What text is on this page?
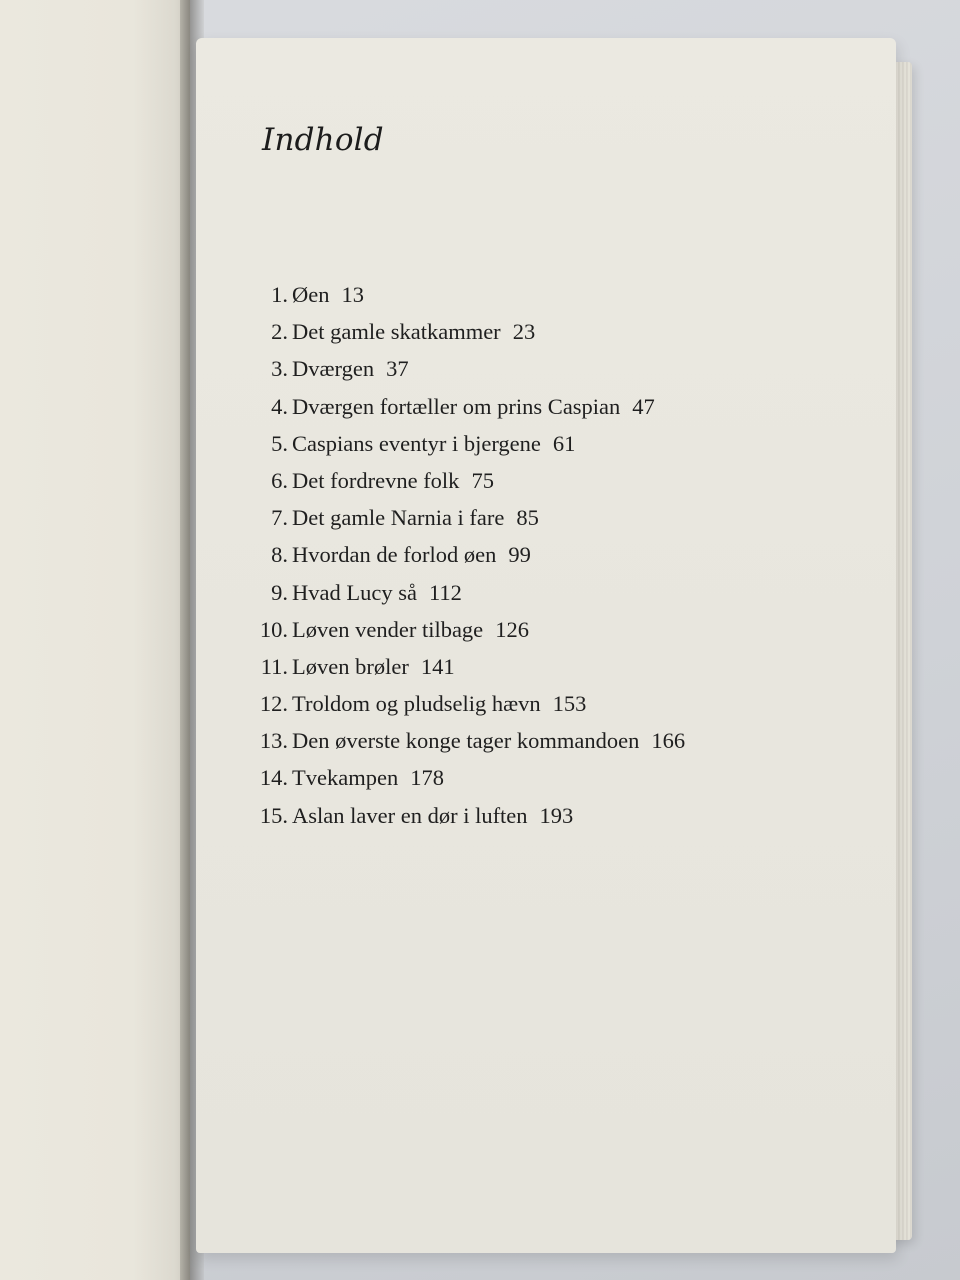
Indhold
1. Øen 13
2. Det gamle skatkammer 23
3. Dværgen 37
4. Dværgen fortæller om prins Caspian 47
5. Caspians eventyr i bjergene 61
6. Det fordrevne folk 75
7. Det gamle Narnia i fare 85
8. Hvordan de forlod øen 99
9. Hvad Lucy så 112
10. Løven vender tilbage 126
11. Løven brøler 141
12. Troldom og pludselig hævn 153
13. Den øverste konge tager kommandoen 166
14. Tvekampen 178
15. Aslan laver en dør i luften 193
